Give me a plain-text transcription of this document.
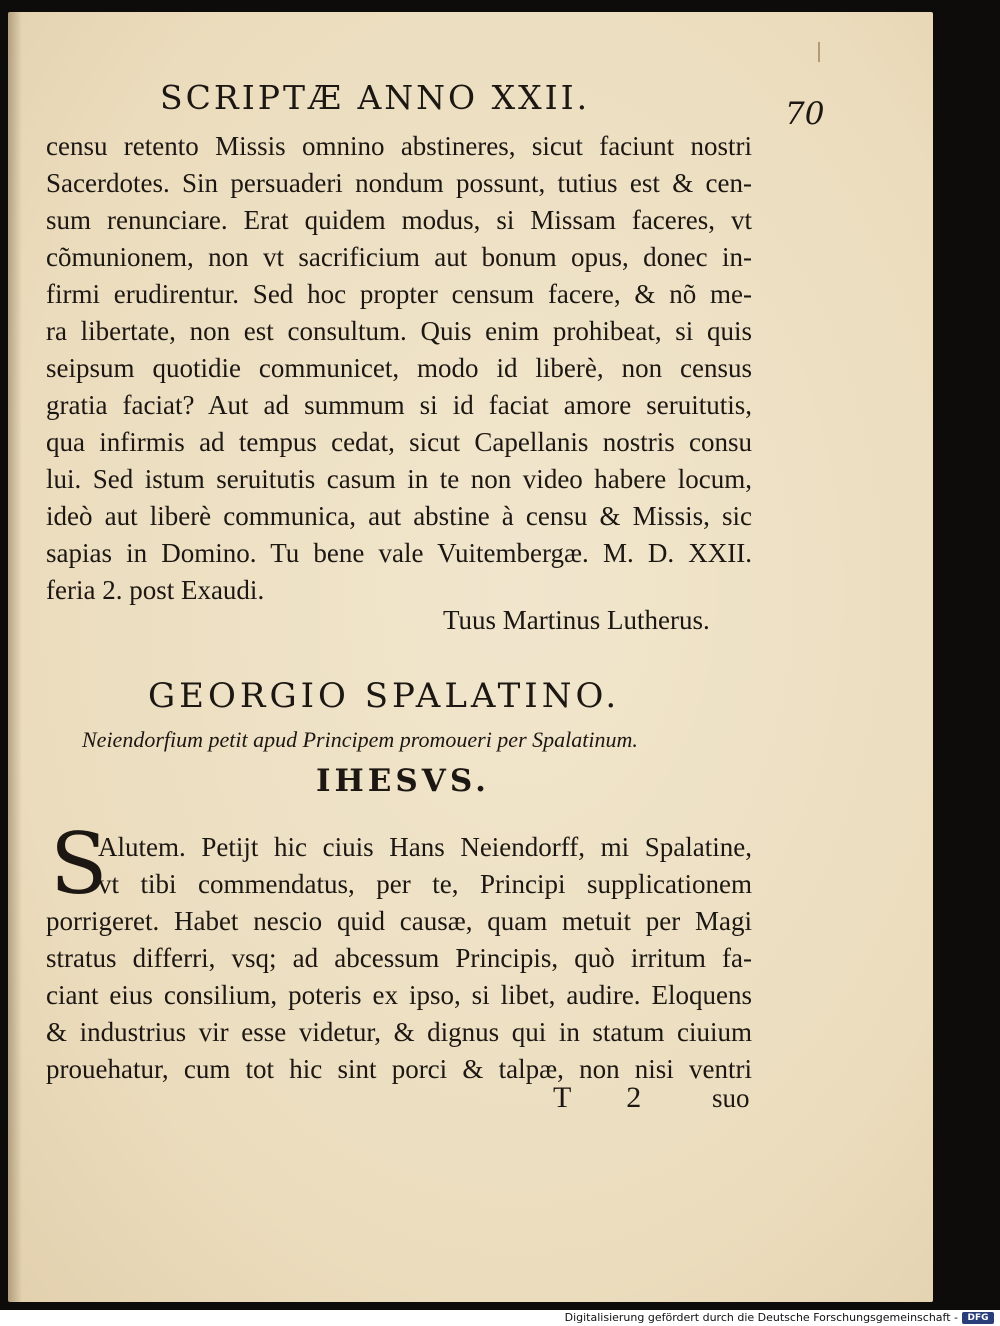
SCRIPTÆ ANNO XXII.	70
censu retento Missis omnino abstineres, sicut faciunt nostri
Sacerdotes. Sin persuaderi nondum possunt, tutius est & cen-
sum renunciare. Erat quidem modus, si Missam faceres, vt
cõmunionem, non vt sacrificium aut bonum opus, donec in-
firmi erudirentur. Sed hoc propter censum facere, & nõ me-
ra libertate, non est consultum. Quis enim prohibeat, si quis
seipsum quotidie communicet, modo id liberè, non census
gratia faciat? Aut ad summum si id faciat amore seruitutis,
qua infirmis ad tempus cedat, sicut Capellanis nostris consu
lui. Sed istum seruitutis casum in te non video habere locum,
ideò aut liberè communica, aut abstine à censu & Missis, sic
sapias in Domino. Tu bene vale Vuitembergæ. M. D. XXII.
feria 2. post Exaudi.
Tuus Martinus Lutherus.
GEORGIO SPALATINO.
Neiendorfium petit apud Principem promoueri per Spalatinum.
IHESVS.
S
Alutem. Petijt hic ciuis Hans Neiendorff, mi Spalatine,
vt tibi commendatus, per te, Principi supplicationem
porrigeret. Habet nescio quid causæ, quam metuit per Magi
stratus differri, vsq; ad abcessum Principis, quò irritum fa-
ciant eius consilium, poteris ex ipso, si libet, audire. Eloquens
& industrius vir esse videtur, & dignus qui in statum ciuium
prouehatur, cum tot hic sint porci & talpæ, non nisi ventri
T 2 suo
Digitalisierung gefördert durch die Deutsche Forschungsgemeinschaft -	DFG
